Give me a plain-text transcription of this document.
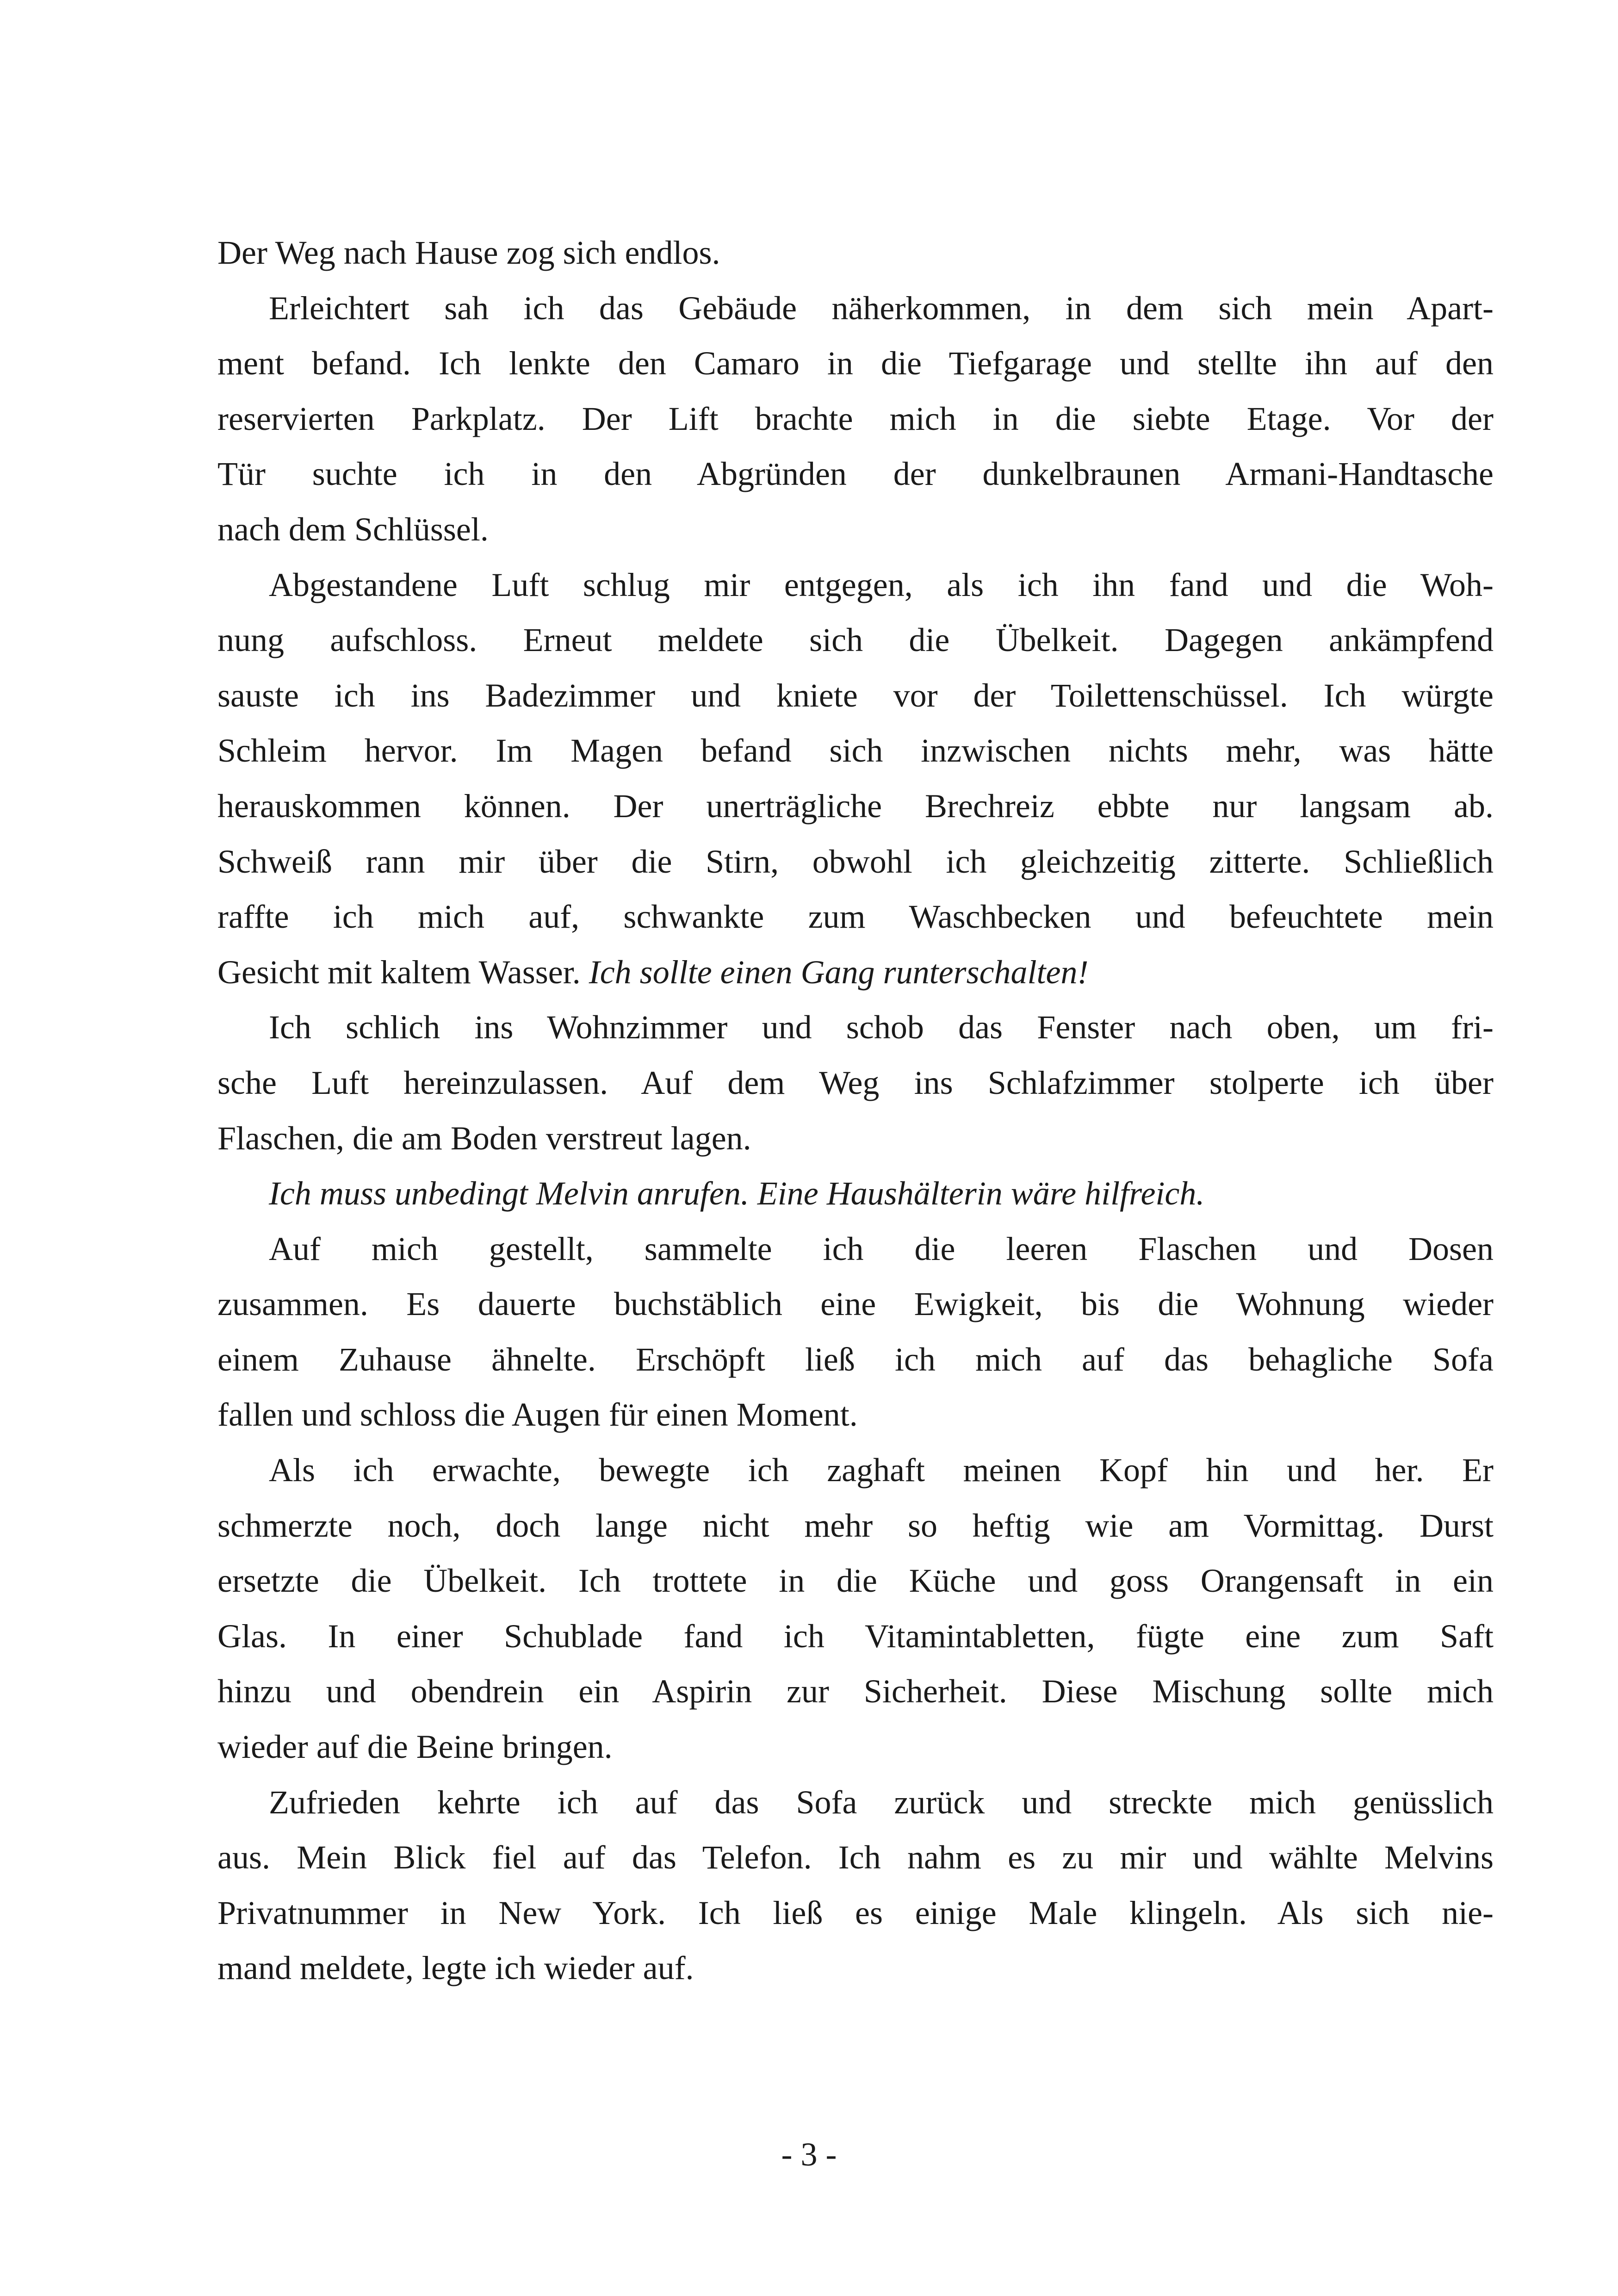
Der Weg nach Hause zog sich endlos.
Erleichtert sah ich das Gebäude näherkommen, in dem sich mein Apart-
ment befand. Ich lenkte den Camaro in die Tiefgarage und stellte ihn auf den
reservierten Parkplatz. Der Lift brachte mich in die siebte Etage. Vor der
Tür suchte ich in den Abgründen der dunkelbraunen Armani-Handtasche
nach dem Schlüssel.
Abgestandene Luft schlug mir entgegen, als ich ihn fand und die Woh-
nung aufschloss. Erneut meldete sich die Übelkeit. Dagegen ankämpfend
sauste ich ins Badezimmer und kniete vor der Toilettenschüssel. Ich würgte
Schleim hervor. Im Magen befand sich inzwischen nichts mehr, was hätte
herauskommen können. Der unerträgliche Brechreiz ebbte nur langsam ab.
Schweiß rann mir über die Stirn, obwohl ich gleichzeitig zitterte. Schließlich
raffte ich mich auf, schwankte zum Waschbecken und befeuchtete mein
Gesicht mit kaltem Wasser. Ich sollte einen Gang runterschalten!
Ich schlich ins Wohnzimmer und schob das Fenster nach oben, um fri-
sche Luft hereinzulassen. Auf dem Weg ins Schlafzimmer stolperte ich über
Flaschen, die am Boden verstreut lagen.
Ich muss unbedingt Melvin anrufen. Eine Haushälterin wäre hilfreich.
Auf mich gestellt, sammelte ich die leeren Flaschen und Dosen
zusammen. Es dauerte buchstäblich eine Ewigkeit, bis die Wohnung wieder
einem Zuhause ähnelte. Erschöpft ließ ich mich auf das behagliche Sofa
fallen und schloss die Augen für einen Moment.
Als ich erwachte, bewegte ich zaghaft meinen Kopf hin und her. Er
schmerzte noch, doch lange nicht mehr so heftig wie am Vormittag. Durst
ersetzte die Übelkeit. Ich trottete in die Küche und goss Orangensaft in ein
Glas. In einer Schublade fand ich Vitamintabletten, fügte eine zum Saft
hinzu und obendrein ein Aspirin zur Sicherheit. Diese Mischung sollte mich
wieder auf die Beine bringen.
Zufrieden kehrte ich auf das Sofa zurück und streckte mich genüsslich
aus. Mein Blick fiel auf das Telefon. Ich nahm es zu mir und wählte Melvins
Privatnummer in New York. Ich ließ es einige Male klingeln. Als sich nie-
mand meldete, legte ich wieder auf.
- 3 -
